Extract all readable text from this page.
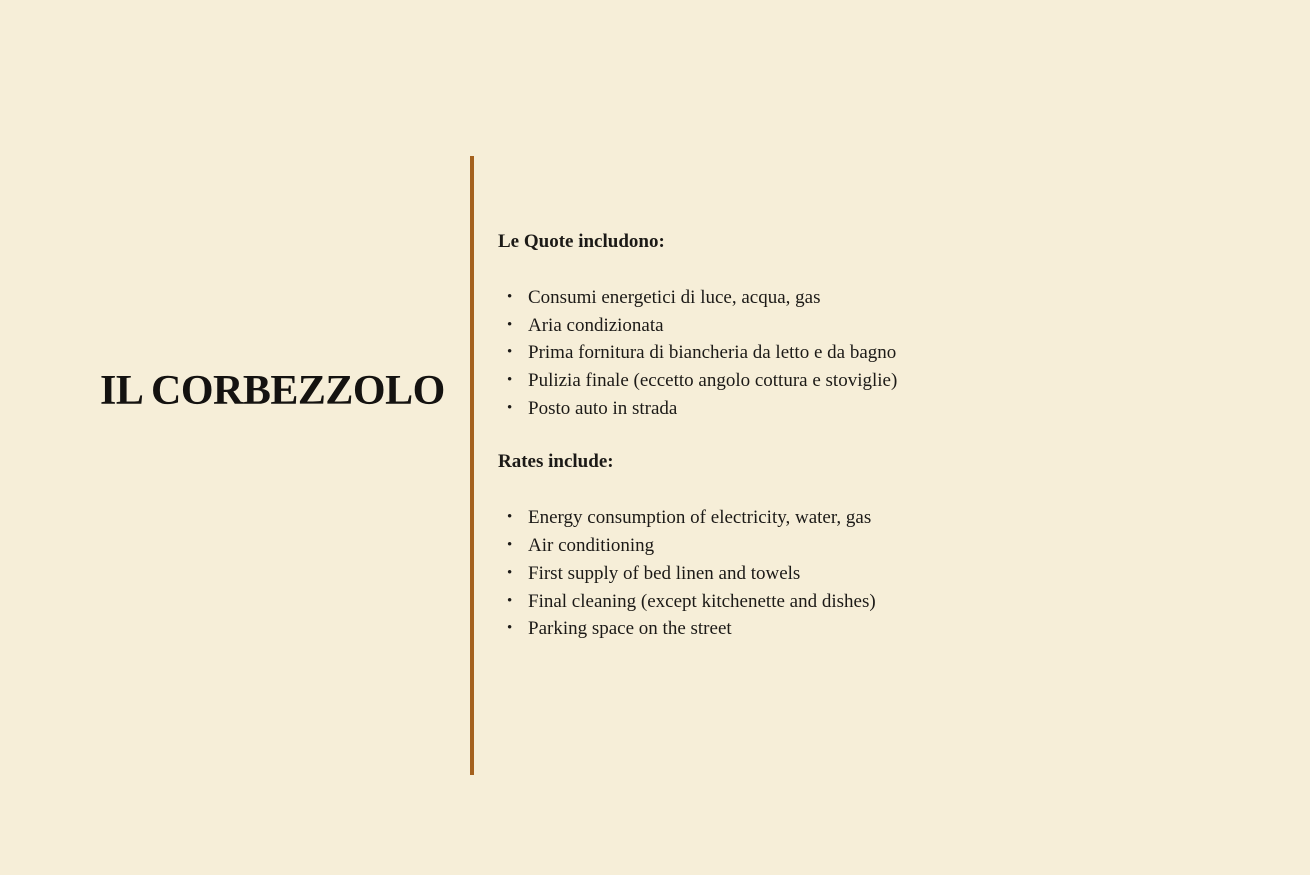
IL CORBEZZOLO

Le Quote includono:

• Consumi energetici di luce, acqua, gas
• Aria condizionata
• Prima fornitura di biancheria da letto e da bagno
• Pulizia finale (eccetto angolo cottura e stoviglie)
• Posto auto in strada

Rates include:

• Energy consumption of electricity, water, gas
• Air conditioning
• First supply of bed linen and towels
• Final cleaning (except kitchenette and dishes)
• Parking space on the street
